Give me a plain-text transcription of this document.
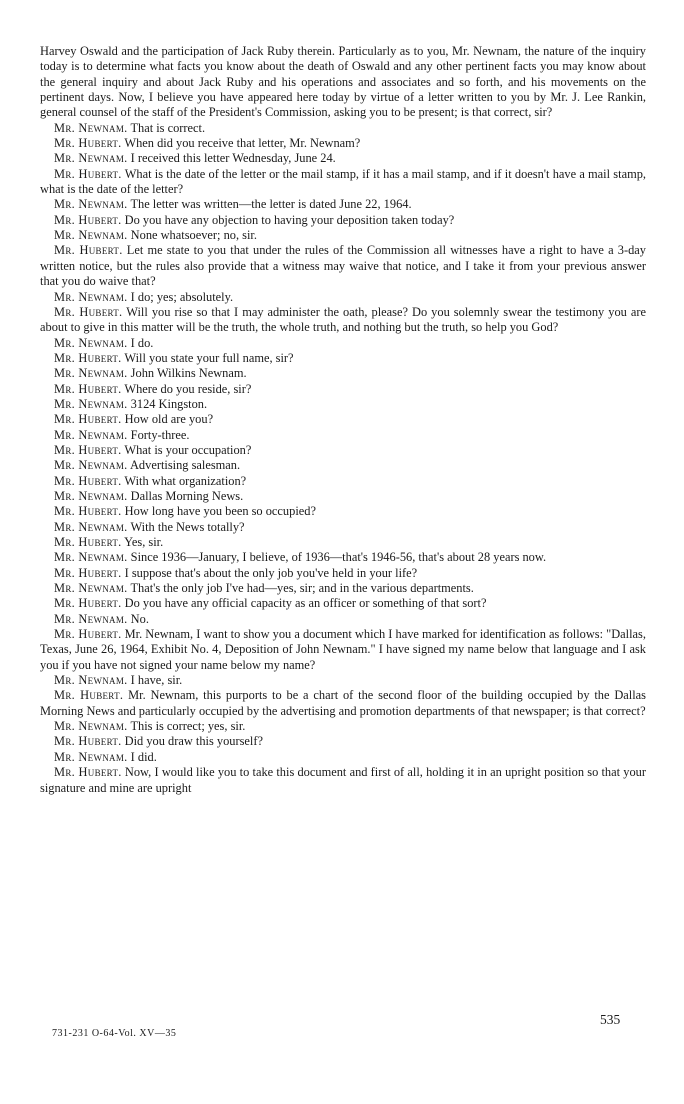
Harvey Oswald and the participation of Jack Ruby therein. Particularly as to you, Mr. Newnam, the nature of the inquiry today is to determine what facts you know about the death of Oswald and any other pertinent facts you may know about the general inquiry and about Jack Ruby and his operations and associates and so forth, and his movements on the pertinent days. Now, I believe you have appeared here today by virtue of a letter written to you by Mr. J. Lee Rankin, general counsel of the staff of the President's Commission, asking you to be present; is that correct, sir?

Mr. Newnam. That is correct.

Mr. Hubert. When did you receive that letter, Mr. Newnam?

Mr. Newnam. I received this letter Wednesday, June 24.

Mr. Hubert. What is the date of the letter or the mail stamp, if it has a mail stamp, and if it doesn't have a mail stamp, what is the date of the letter?

Mr. Newnam. The letter was written—the letter is dated June 22, 1964.

Mr. Hubert. Do you have any objection to having your deposition taken today?

Mr. Newnam. None whatsoever; no, sir.

Mr. Hubert. Let me state to you that under the rules of the Commission all witnesses have a right to have a 3-day written notice, but the rules also provide that a witness may waive that notice, and I take it from your previous answer that you do waive that?

Mr. Newnam. I do; yes; absolutely.

Mr. Hubert. Will you rise so that I may administer the oath, please? Do you solemnly swear the testimony you are about to give in this matter will be the truth, the whole truth, and nothing but the truth, so help you God?

Mr. Newnam. I do.

Mr. Hubert. Will you state your full name, sir?

Mr. Newnam. John Wilkins Newnam.

Mr. Hubert. Where do you reside, sir?

Mr. Newnam. 3124 Kingston.

Mr. Hubert. How old are you?

Mr. Newnam. Forty-three.

Mr. Hubert. What is your occupation?

Mr. Newnam. Advertising salesman.

Mr. Hubert. With what organization?

Mr. Newnam. Dallas Morning News.

Mr. Hubert. How long have you been so occupied?

Mr. Newnam. With the News totally?

Mr. Hubert. Yes, sir.

Mr. Newnam. Since 1936—January, I believe, of 1936—that's 1946-56, that's about 28 years now.

Mr. Hubert. I suppose that's about the only job you've held in your life?

Mr. Newnam. That's the only job I've had—yes, sir; and in the various departments.

Mr. Hubert. Do you have any official capacity as an officer or something of that sort?

Mr. Newnam. No.

Mr. Hubert. Mr. Newnam, I want to show you a document which I have marked for identification as follows: "Dallas, Texas, June 26, 1964, Exhibit No. 4, Deposition of John Newnam." I have signed my name below that language and I ask you if you have not signed your name below my name?

Mr. Newnam. I have, sir.

Mr. Hubert. Mr. Newnam, this purports to be a chart of the second floor of the building occupied by the Dallas Morning News and particularly occupied by the advertising and promotion departments of that newspaper; is that correct?

Mr. Newnam. This is correct; yes, sir.

Mr. Hubert. Did you draw this yourself?

Mr. Newnam. I did.

Mr. Hubert. Now, I would like you to take this document and first of all, holding it in an upright position so that your signature and mine are upright

731-231 O-64-Vol. XV—35
535
